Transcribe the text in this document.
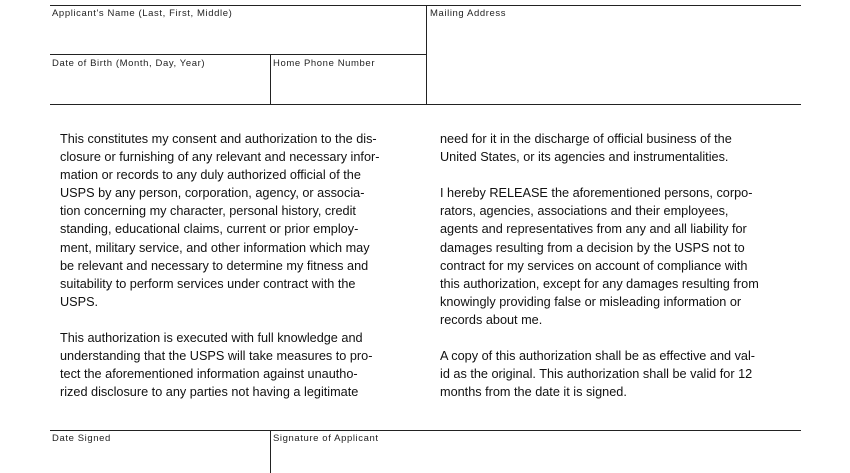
Applicant's Name (Last, First, Middle)	Mailing Address
Date of Birth (Month, Day, Year)	Home Phone Number

This constitutes my consent and authorization to the dis-

closure or furnishing of any relevant and necessary infor-

mation or records to any duly authorized official of the

USPS by any person, corporation, agency, or associa-

tion concerning my character, personal history, credit

standing, educational claims, current or prior employ-

ment, military service, and other information which may

be relevant and necessary to determine my fitness and

suitability to perform services under contract with the

USPS.

This authorization is executed with full knowledge and

understanding that the USPS will take measures to pro-

tect the aforementioned information against unautho-

rized disclosure to any parties not having a legitimate

need for it in the discharge of official business of the

United States, or its agencies and instrumentalities.

I hereby RELEASE the aforementioned persons, corpo-

rators, agencies, associations and their employees,

agents and representatives from any and all liability for

damages resulting from a decision by the USPS not to

contract for my services on account of compliance with

this authorization, except for any damages resulting from

knowingly providing false or misleading information or

records about me.

A copy of this authorization shall be as effective and val-

id as the original. This authorization shall be valid for 12

months from the date it is signed.

Date Signed	Signature of Applicant
